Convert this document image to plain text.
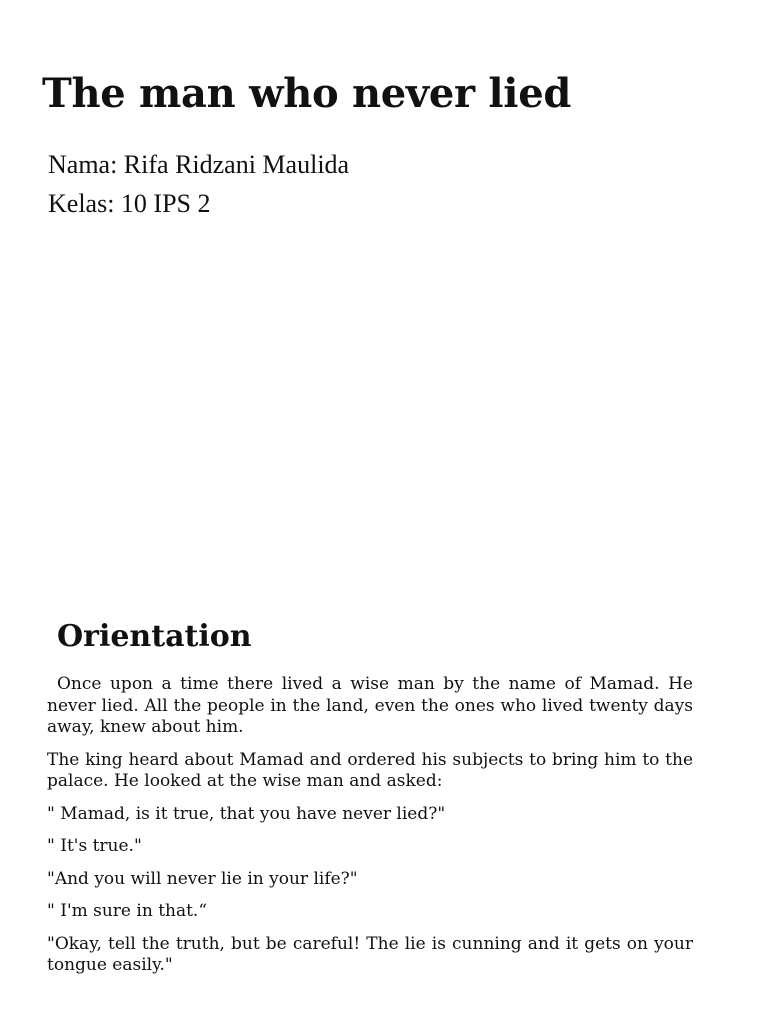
The man who never lied

Nama: Rifa Ridzani Maulida

Kelas: 10 IPS 2

Orientation

Once upon a time there lived a wise man by the name of Mamad. He never lied. All the people in the land, even the ones who lived twenty days away, knew about him.

The king heard about Mamad and ordered his subjects to bring him to the palace. He looked at the wise man and asked:

" Mamad, is it true, that you have never lied?"

" It's true."

"And you will never lie in your life?"

" I'm sure in that.“

"Okay, tell the truth, but be careful! The lie is cunning and it gets on your tongue easily."
